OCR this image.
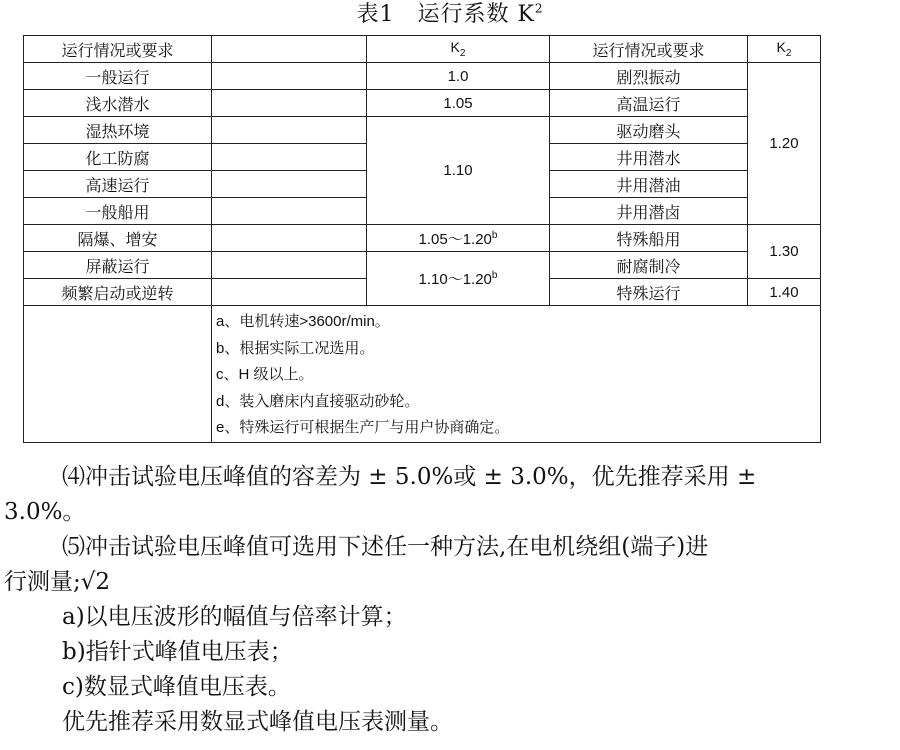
表1　运行系数 $K^2$
运行情况或要求		$K_2$	运行情况或要求	$K_2$
一般运行		1.0	剧烈振动	1.20
浅水潜水		1.05	高温运行	
湿热环境		1.10	驱动磨头	
化工防腐			井用潜水	
高速运行			井用潜油	
一般船用			井用潜卤	
隔爆、增安		1.05～1.20$^b$	特殊船用	1.30
屏蔽运行		1.10～1.20$^b$	耐腐制冷	
频繁启动或逆转			特殊运行	1.40

	a、电机转速>3600r/min。
b、根据实际工况选用。
c、H 级以上。
d、装入磨床内直接驱动砂轮。
e、特殊运行可根据生产厂与用户协商确定。			

⑷冲击试验电压峰值的容差为 ± 5.0%或 ± 3.0%，优先推荐采用 ±

3.0%。

⑸冲击试验电压峰值可选用下述任一种方法,在电机绕组(端子)进

行测量;√2

a)以电压波形的幅值与倍率计算；

b)指针式峰值电压表；

c)数显式峰值电压表。

优先推荐采用数显式峰值电压表测量。
